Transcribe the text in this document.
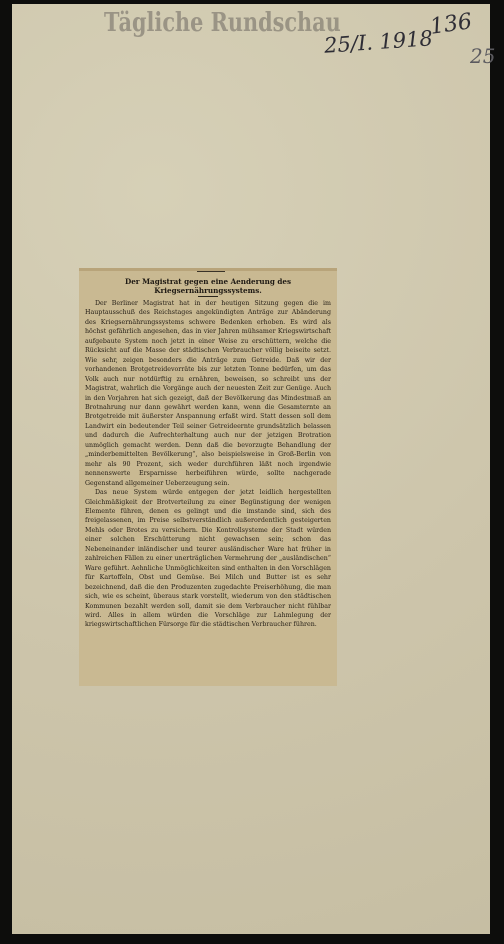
Tägliche Rundschau
25/I. 1918
136
25
Der Magistrat gegen eine Aenderung des
Kriegsernährungssystems.

Der Berliner Magistrat hat in der heutigen Sitzung gegen die im Hauptausschuß des Reichstages angekündigten Anträge zur Abänderung des Kriegsernährungssystems schwere Bedenken erhoben. Es wird als höchst gefährlich angesehen, das in vier Jahren mühsamer Kriegswirtschaft aufgebaute System noch jetzt in einer Weise zu erschüttern, welche die Rücksicht auf die Masse der städtischen Verbraucher völlig beiseite setzt. Wie sehr, zeigen besonders die Anträge zum Getreide. Daß wir der vorhandenen Brotgetreidevorräte bis zur letzten Tonne bedürfen, um das Volk auch nur notdürftig zu ernähren, beweisen, so schreibt uns der Magistrat, wahrlich die Vorgänge auch der neuesten Zeit zur Genüge. Auch in den Vorjahren hat sich gezeigt, daß der Bevölkerung das Mindestmaß an Brotnahrung nur dann gewährt werden kann, wenn die Gesamternte an Brotgetreide mit äußerster Anspannung erfaßt wird. Statt dessen soll dem Landwirt ein bedeutender Teil seiner Getreideernte grundsätzlich belassen und dadurch die Aufrechterhaltung auch nur der jetzigen Brotration unmöglich gemacht werden. Denn daß die bevorzugte Behandlung der „minderbemittelten Bevölkerung“, also beispielsweise in Groß-Berlin von mehr als 90 Prozent, sich weder durchführen läßt noch irgendwie nennenswerte Ersparnisse herbeiführen würde, sollte nachgerade Gegenstand allgemeiner Ueberzeugung sein.

Das neue System würde entgegen der jetzt leidlich hergestellten Gleichmäßigkeit der Brotverteilung zu einer Begünstigung der wenigen Elemente führen, denen es gelingt und die imstande sind, sich des freigelassenen, im Preise selbstverständlich außerordentlich gesteigerten Mehls oder Brotes zu versichern. Die Kontrollsysteme der Stadt würden einer solchen Erschütterung nicht gewachsen sein; schon das Nebeneinander inländischer und teurer ausländischer Ware hat früher in zahlreichen Fällen zu einer unerträglichen Vermehrung der „ausländischen“ Ware geführt. Aehnliche Unmöglichkeiten sind enthalten in den Vorschlägen für Kartoffeln, Obst und Gemüse. Bei Milch und Butter ist es sehr bezeichnend, daß die den Produzenten zugedachte Preiserhöhung, die man sich, wie es scheint, überaus stark vorstellt, wiederum von den städtischen Kommunen bezahlt werden soll, damit sie dem Verbraucher nicht fühlbar wird. Alles in allem würden die Vorschläge zur Lahmlegung der kriegswirtschaftlichen Fürsorge für die städtischen Verbraucher führen.
